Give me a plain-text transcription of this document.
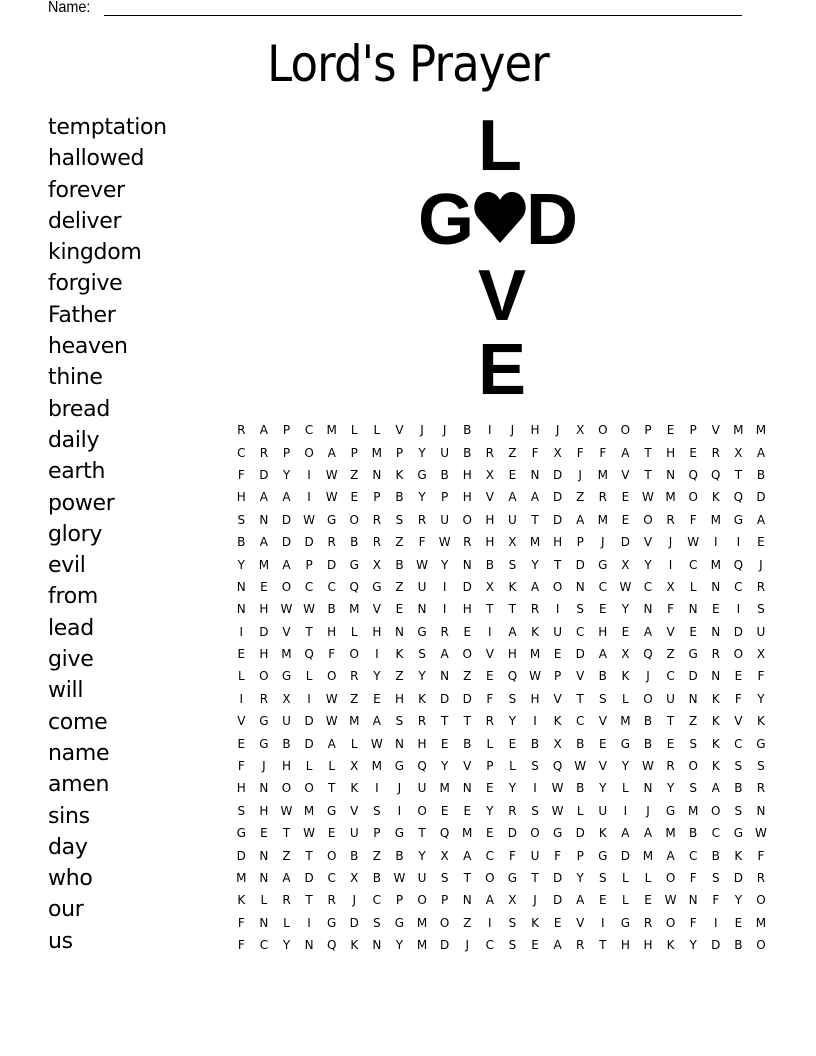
Name:
Lord's Prayer
temptation
hallowed
forever
deliver
kingdom
forgive
Father
heaven
thine
bread
daily
earth
power
glory
evil
from
lead
give
will
come
name
amen
sins
day
who
our
us
L
G D
V
E
R	A	P	C	M	L	L	V	J	J	B	I	J	H	J	X	O	O	P	E	P	V	M	M
C	R	P	O	A	P	M	P	Y	U	B	R	Z	F	X	F	F	A	T	H	E	R	X	A
F	D	Y	I	W	Z	N	K	G	B	H	X	E	N	D	J	M	V	T	N	Q	Q	T	B
H	A	A	I	W	E	P	B	Y	P	H	V	A	A	D	Z	R	E	W	M	O	K	Q	D
S	N	D	W	G	O	R	S	R	U	O	H	U	T	D	A	M	E	O	R	F	M	G	A
B	A	D	D	R	B	R	Z	F	W	R	H	X	M	H	P	J	D	V	J	W	I	I	E
Y	M	A	P	D	G	X	B	W	Y	N	B	S	Y	T	D	G	X	Y	I	C	M	Q	J
N	E	O	C	C	Q	G	Z	U	I	D	X	K	A	O	N	C	W	C	X	L	N	C	R
N	H	W	W	B	M	V	E	N	I	H	T	T	R	I	S	E	Y	N	F	N	E	I	S
I	D	V	T	H	L	H	N	G	R	E	I	A	K	U	C	H	E	A	V	E	N	D	U
E	H	M	Q	F	O	I	K	S	A	O	V	H	M	E	D	A	X	Q	Z	G	R	O	X
L	O	G	L	O	R	Y	Z	Y	N	Z	E	Q	W	P	V	B	K	J	C	D	N	E	F
I	R	X	I	W	Z	E	H	K	D	D	F	S	H	V	T	S	L	O	U	N	K	F	Y
V	G	U	D	W	M	A	S	R	T	T	R	Y	I	K	C	V	M	B	T	Z	K	V	K
E	G	B	D	A	L	W	N	H	E	B	L	E	B	X	B	E	G	B	E	S	K	C	G
F	J	H	L	L	X	M	G	Q	Y	V	P	L	S	Q	W	V	Y	W	R	O	K	S	S
H	N	O	O	T	K	I	J	U	M	N	E	Y	I	W	B	Y	L	N	Y	S	A	B	R
S	H	W	M	G	V	S	I	O	E	E	Y	R	S	W	L	U	I	J	G	M	O	S	N
G	E	T	W	E	U	P	G	T	Q	M	E	D	O	G	D	K	A	A	M	B	C	G	W
D	N	Z	T	O	B	Z	B	Y	X	A	C	F	U	F	P	G	D	M	A	C	B	K	F
M	N	A	D	C	X	B	W	U	S	T	O	G	T	D	Y	S	L	L	O	F	S	D	R
K	L	R	T	R	J	C	P	O	P	N	A	X	J	D	A	E	L	E	W	N	F	Y	O
F	N	L	I	G	D	S	G	M	O	Z	I	S	K	E	V	I	G	R	O	F	I	E	M
F	C	Y	N	Q	K	N	Y	M	D	J	C	S	E	A	R	T	H	H	K	Y	D	B	O
